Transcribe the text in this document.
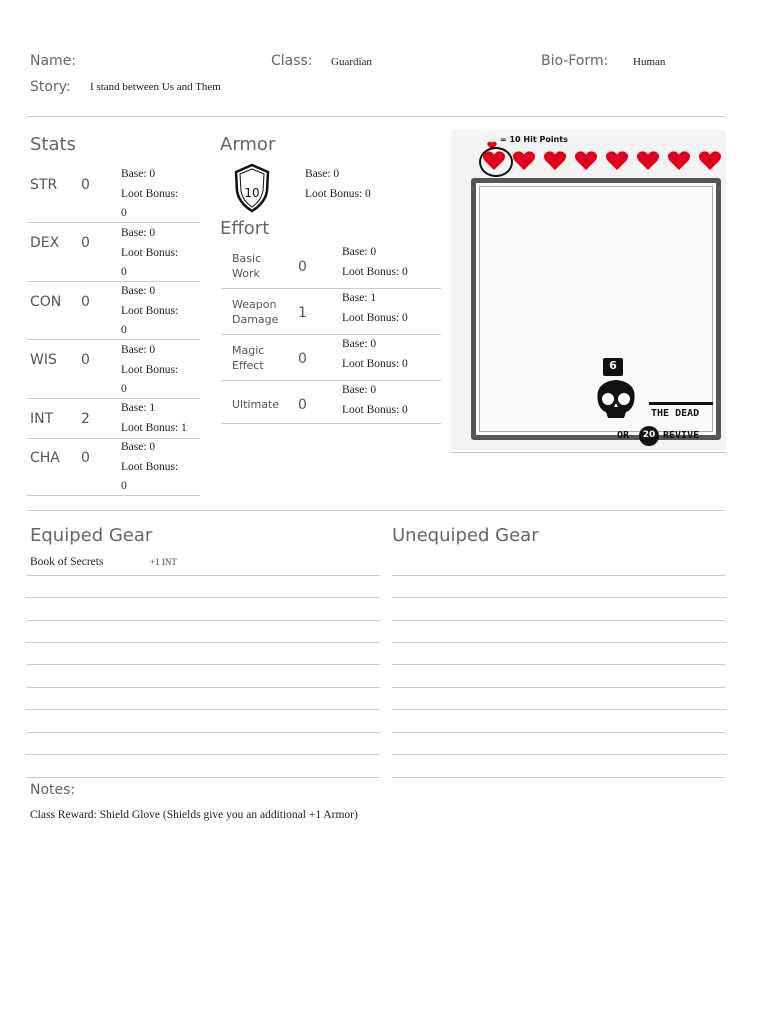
Name:	Class: Guardian	Bio-Form: Human
Story: I stand between Us and Them
Stats
STR 0
Base: 0
Loot Bonus:
0
DEX 0
Base: 0
Loot Bonus:
0
CON 0
Base: 0
Loot Bonus:
0
WIS 0
Base: 0
Loot Bonus:
0
INT 2
Base: 1
Loot Bonus: 1
CHA 0
Base: 0
Loot Bonus:
0
Armor
10
Base: 0
Loot Bonus: 0
Effort
Basic
Work	0
Base: 0
Loot Bonus: 0
Weapon
Damage	1
Base: 1
Loot Bonus: 0
Magic
Effect	0
Base: 0
Loot Bonus: 0
Ultimate	0
Base: 0
Loot Bonus: 0
= 10 Hit Points
6
THE DEAD
OR	20 REVIVE
Equiped Gear	Unequiped Gear
Book of Secrets	+1 INT
Notes:
Class Reward: Shield Glove (Shields give you an additional +1 Armor)
